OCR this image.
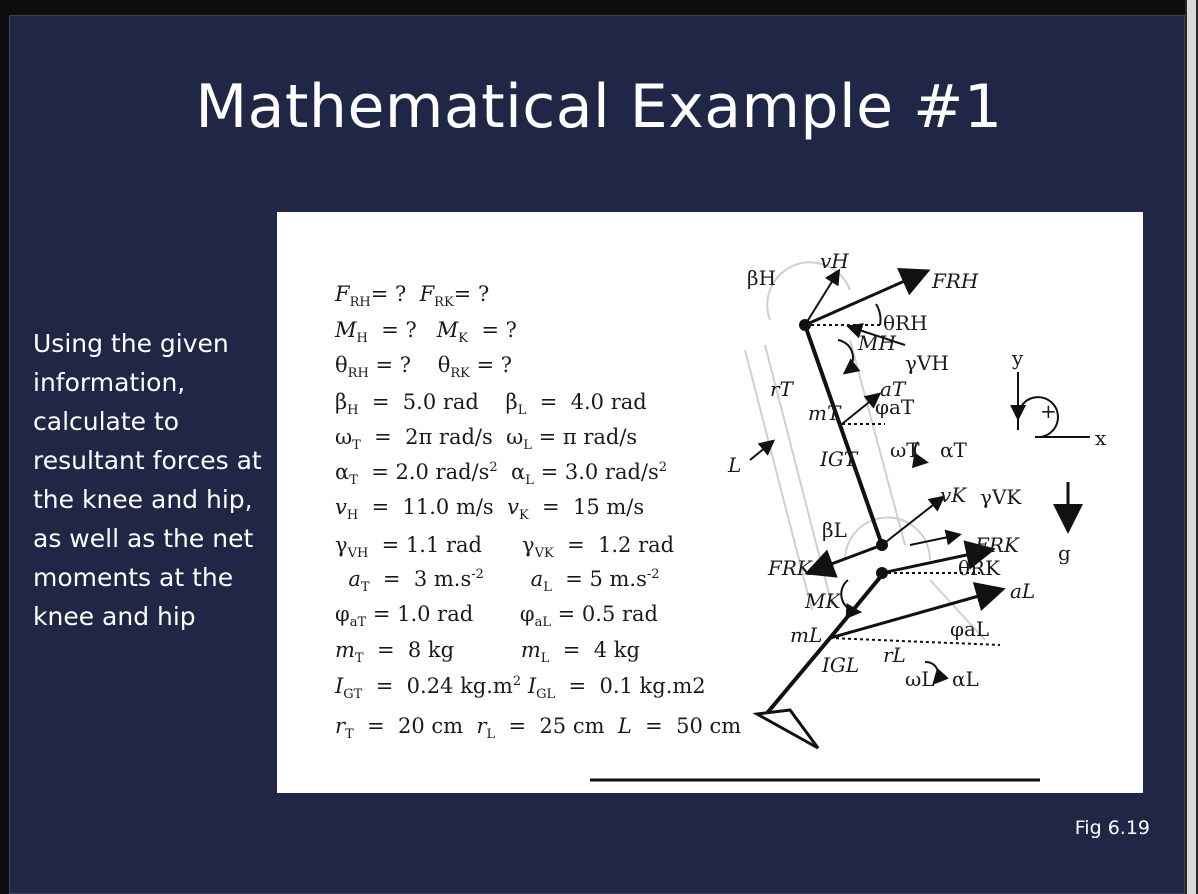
Mathematical Example #1
Using the given information, calculate to resultant forces at the knee and hip, as well as the net moments at the knee and hip
$F_{RH}=$ ?  $F_{RK}=$ ?
$M_H$  = ?   $M_K$  = ?
$\theta_{RH}$ = ?    $\theta_{RK}$ = ?
$\beta_H = 5.0$ rad    $\beta_L = 4.0$ rad
$\omega_T = 2\pi$ rad/s  $\omega_L = \pi$ rad/s
$\alpha_T = 2.0$ rad/$s^2$  $\alpha_L = 3.0$ rad/$s^2$
$v_H = 11.0$ m/s  $v_K = 15$ m/s
$\gamma_{VH} = 1.1$ rad      $\gamma_{VK} = 1.2$ rad
$a_T = 3$ $m.s^{-2}$ $a_L = 5$ $m.s^{-2}$
$\varphi_{aT} = 1.0$ rad       $\varphi_{aL} = 0.5$ rad
$m_T = 8$ kg          $m_L = 4$ kg
$I_{GT} = 0.24$ $kg.m^2$ $I_{GL} = 0.1$ kg.m2
$r_T = 20$ cm  $r_L = 25$ cm  L  =  50 cm
βH
vH
FRH
θRH
MH
γVH	y
+
x
aT
φaT
rT
mT
ωT αT
L	IGT
vK γVK
g
βL
FRK
θRK
FRK
aL
MK
mL	φaL
rL
IGL
ωL αL
Fig 6.19
